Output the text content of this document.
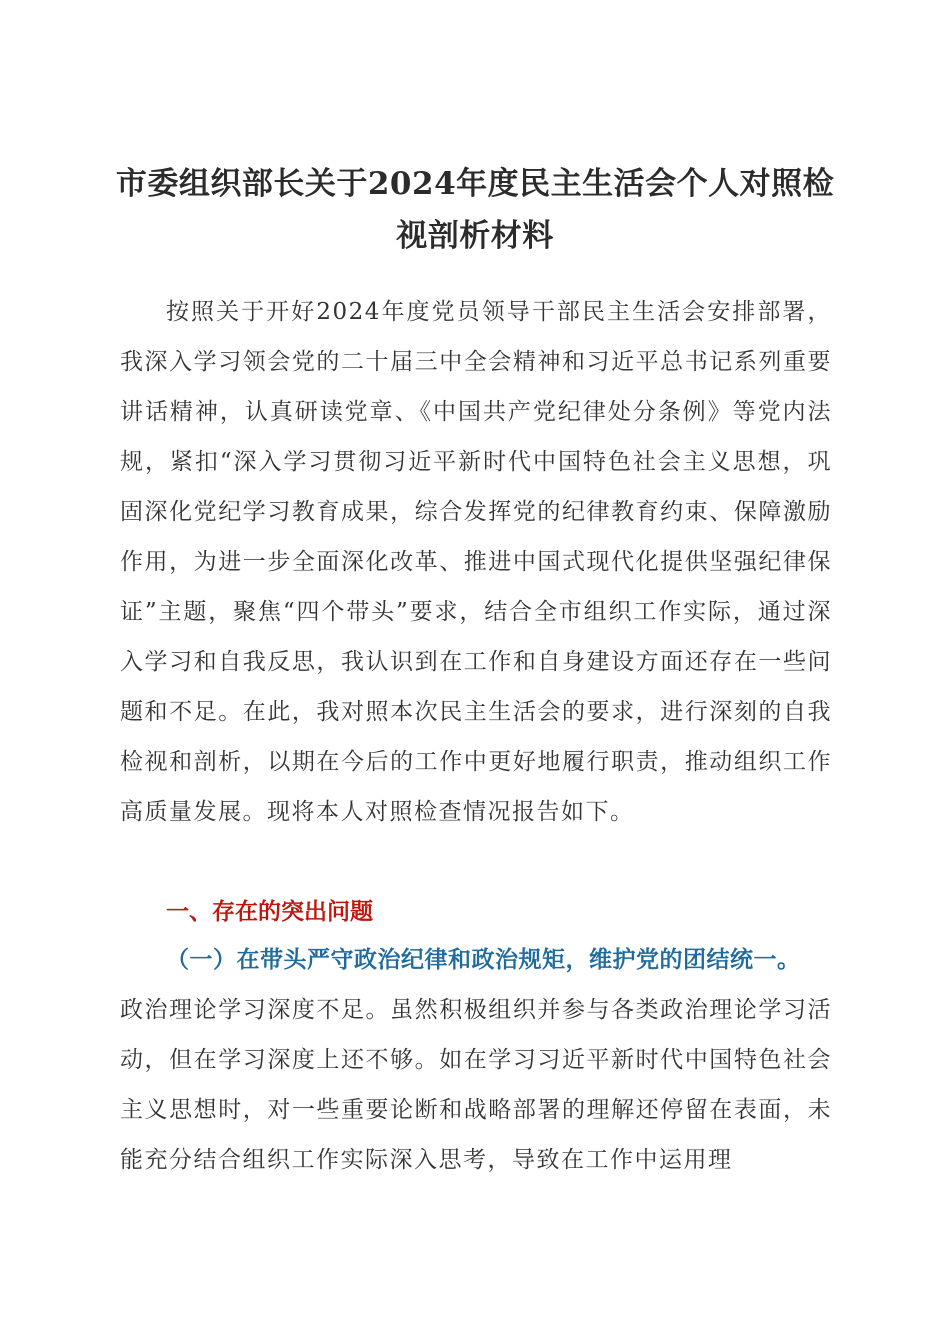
市委组织部长关于2024年度民主生活会个人对照检视剖析材料

按照关于开好2024年度党员领导干部民主生活会安排部署，我深入学习领会党的二十届三中全会精神和习近平总书记系列重要讲话精神，认真研读党章、《中国共产党纪律处分条例》等党内法规，紧扣“深入学习贯彻习近平新时代中国特色社会主义思想，巩固深化党纪学习教育成果，综合发挥党的纪律教育约束、保障激励作用，为进一步全面深化改革、推进中国式现代化提供坚强纪律保证”主题，聚焦“四个带头”要求，结合全市组织工作实际，通过深入学习和自我反思，我认识到在工作和自身建设方面还存在一些问题和不足。在此，我对照本次民主生活会的要求，进行深刻的自我检视和剖析，以期在今后的工作中更好地履行职责，推动组织工作高质量发展。现将本人对照检查情况报告如下。

一、存在的突出问题
（一）在带头严守政治纪律和政治规矩，维护党的团结统一。

政治理论学习深度不足。虽然积极组织并参与各类政治理论学习活动，但在学习深度上还不够。如在学习习近平新时代中国特色社会主义思想时，对一些重要论断和战略部署的理解还停留在表面，未能充分结合组织工作实际深入思考，导致在工作中运用理
